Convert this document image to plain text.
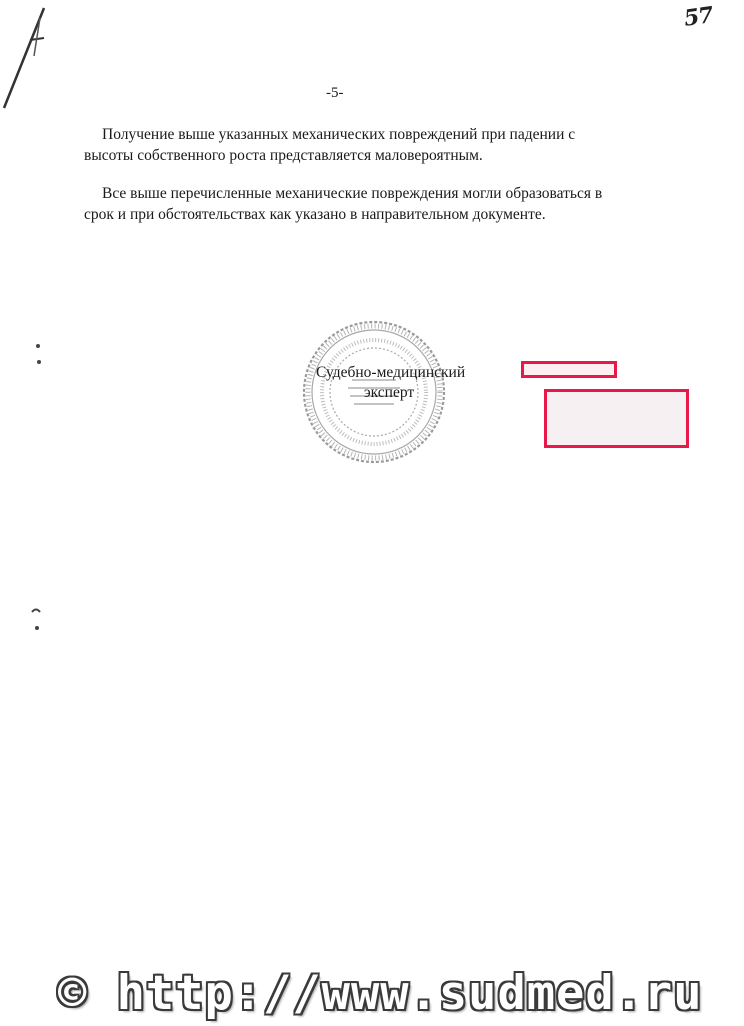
57
-5-

Получение выше указанных механических повреждений при падении с
высоты собственного роста представляется маловероятным.

Все выше перечисленные механические повреждения могли образоваться в
срок и при обстоятельствах как указано в направительном документе.

Судебно-медицинский
эксперт
© http://www.sudmed.ru
